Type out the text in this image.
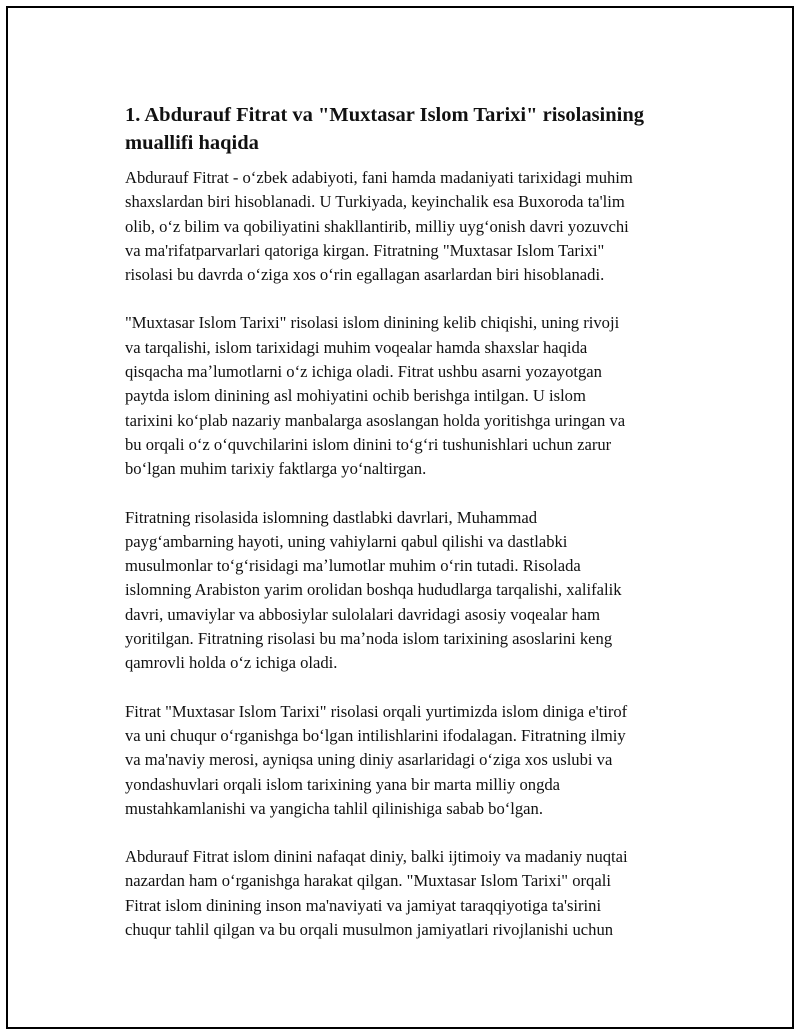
1. Abdurauf Fitrat va "Muxtasar Islom Tarixi" risolasining
muallifi haqida

Abdurauf Fitrat - oʻzbek adabiyoti, fani hamda madaniyati tarixidagi muhim
shaxslardan biri hisoblanadi. U Turkiyada, keyinchalik esa Buxoroda ta'lim
olib, oʻz bilim va qobiliyatini shakllantirib, milliy uygʻonish davri yozuvchi
va ma'rifatparvarlari qatoriga kirgan. Fitratning "Muxtasar Islom Tarixi"
risolasi bu davrda oʻziga xos oʻrin egallagan asarlardan biri hisoblanadi.

"Muxtasar Islom Tarixi" risolasi islom dinining kelib chiqishi, uning rivoji
va tarqalishi, islom tarixidagi muhim voqealar hamda shaxslar haqida
qisqacha maʼlumotlarni oʻz ichiga oladi. Fitrat ushbu asarni yozayotgan
paytda islom dinining asl mohiyatini ochib berishga intilgan. U islom
tarixini koʻplab nazariy manbalarga asoslangan holda yoritishga uringan va
bu orqali oʻz oʻquvchilarini islom dinini toʻgʻri tushunishlari uchun zarur
boʻlgan muhim tarixiy faktlarga yoʻnaltirgan.

Fitratning risolasida islomning dastlabki davrlari, Muhammad
paygʻambarning hayoti, uning vahiylarni qabul qilishi va dastlabki
musulmonlar toʻgʻrisidagi maʼlumotlar muhim oʻrin tutadi. Risolada
islomning Arabiston yarim orolidan boshqa hududlarga tarqalishi, xalifalik
davri, umaviylar va abbosiylar sulolalari davridagi asosiy voqealar ham
yoritilgan. Fitratning risolasi bu maʼnoda islom tarixining asoslarini keng
qamrovli holda oʻz ichiga oladi.

Fitrat "Muxtasar Islom Tarixi" risolasi orqali yurtimizda islom diniga e'tirof
va uni chuqur oʻrganishga boʻlgan intilishlarini ifodalagan. Fitratning ilmiy
va ma'naviy merosi, ayniqsa uning diniy asarlaridagi oʻziga xos uslubi va
yondashuvlari orqali islom tarixining yana bir marta milliy ongda
mustahkamlanishi va yangicha tahlil qilinishiga sabab boʻlgan.

Abdurauf Fitrat islom dinini nafaqat diniy, balki ijtimoiy va madaniy nuqtai
nazardan ham oʻrganishga harakat qilgan. "Muxtasar Islom Tarixi" orqali
Fitrat islom dinining inson ma'naviyati va jamiyat taraqqiyotiga ta'sirini
chuqur tahlil qilgan va bu orqali musulmon jamiyatlari rivojlanishi uchun
